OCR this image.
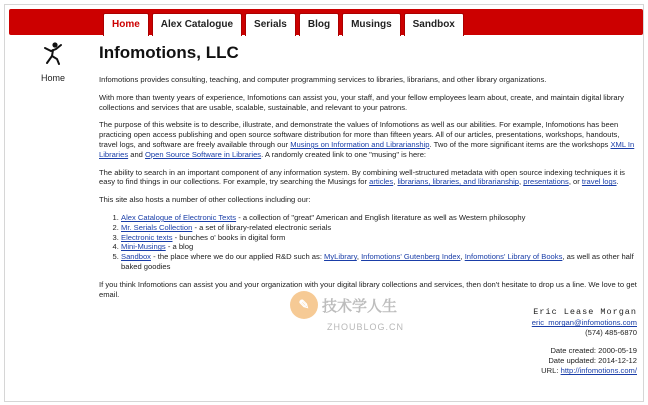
Home	Alex Catalogue	Serials	Blog	Musings	Sandbox
Home
Infomotions, LLC

Infomotions provides consulting, teaching, and computer programming services to libraries, librarians, and other library organizations.

With more than twenty years of experience, Infomotions can assist you, your staff, and your fellow employees learn about, create, and maintain digital library collections and services that are usable, scalable, sustainable, and relevant to your patrons.

The purpose of this website is to describe, illustrate, and demonstrate the values of Infomotions as well as our abilities. For example, Infomotions has been practicing open access publishing and open source software distribution for more than fifteen years. All of our articles, presentations, workshops, handouts, travel logs, and software are freely available through our Musings on Information and Librarianship. Two of the more significant items are the workshops XML In Libraries and Open Source Software in Libraries. A randomly created link to one "musing" is here:

The ability to search in an important component of any information system. By combining well-structured metadata with open source indexing techniques it is easy to find things in our collections. For example, try searching the Musings for articles, librarians, libraries, and librarianship, presentations, or travel logs.

This site also hosts a number of other collections including our:

1. Alex Catalogue of Electronic Texts - a collection of "great" American and English literature as well as Western philosophy
2. Mr. Serials Collection - a set of library-related electronic serials
3. Electronic texts - bunches o' books in digital form
4. Mini-Musings - a blog
5. Sandbox - the place where we do our applied R&D such as: MyLibrary, Infomotions' Gutenberg Index, Infomotions' Library of Books, as well as other half baked goodies

If you think Infomotions can assist you and your organization with your digital library collections and services, then don't hesitate to drop us a line. We love to get email.

Eric Lease Morgan
eric_morgan@infomotions.com
(574) 485-6870
Date created: 2000-05-19
Date updated: 2014-12-12
URL: http://infomotions.com/
✎ 技术学人生
ZHOUBLOG.CN
